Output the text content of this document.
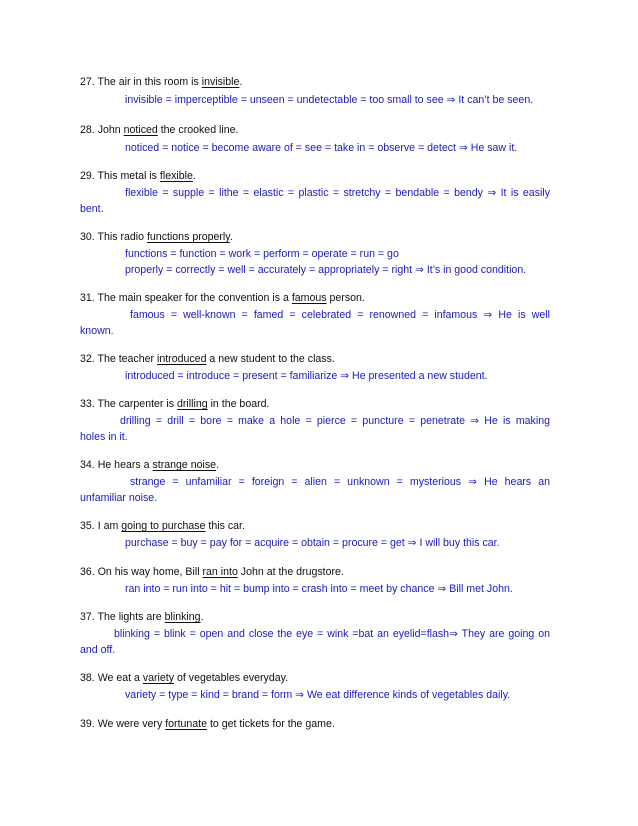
27. The air in this room is invisible.
invisible = imperceptible = unseen = undetectable = too small to see ⇒ It can’t be seen.
28. John noticed the crooked line.
noticed = notice = become aware of = see = take in = observe = detect ⇒ He saw it.
29. This metal is flexible.
flexible = supple = lithe = elastic = plastic = stretchy = bendable = bendy ⇒ It is easily
bent.
30. This radio functions properly.
functions = function = work = perform = operate = run = go
properly = correctly = well = accurately = appropriately = right ⇒ It’s in good condition.
31. The main speaker for the convention is a famous person.
famous = well-known = famed = celebrated = renowned = infamous ⇒ He is well
known.
32. The teacher introduced a new student to the class.
introduced = introduce = present = familiarize ⇒ He presented a new student.
33. The carpenter is drilling in the board.
drilling = drill = bore = make a hole = pierce = puncture = penetrate ⇒ He is making
holes in it.
34. He hears a strange noise.
strange = unfamiliar = foreign = alien = unknown = mysterious ⇒ He hears an
unfamiliar noise.
35. I am going to purchase this car.
purchase = buy = pay for = acquire = obtain = procure = get ⇒ I will buy this car.
36. On his way home, Bill ran into John at the drugstore.
ran into = run into = hit = bump into = crash into = meet by chance ⇒ Bill met John.
37. The lights are blinking.
blinking = blink = open and close the eye = wink =bat an eyelid=flash⇒ They are going on
and off.
38. We eat a variety of vegetables everyday.
variety = type = kind = brand = form ⇒ We eat difference kinds of vegetables daily.
39. We were very fortunate to get tickets for the game.
